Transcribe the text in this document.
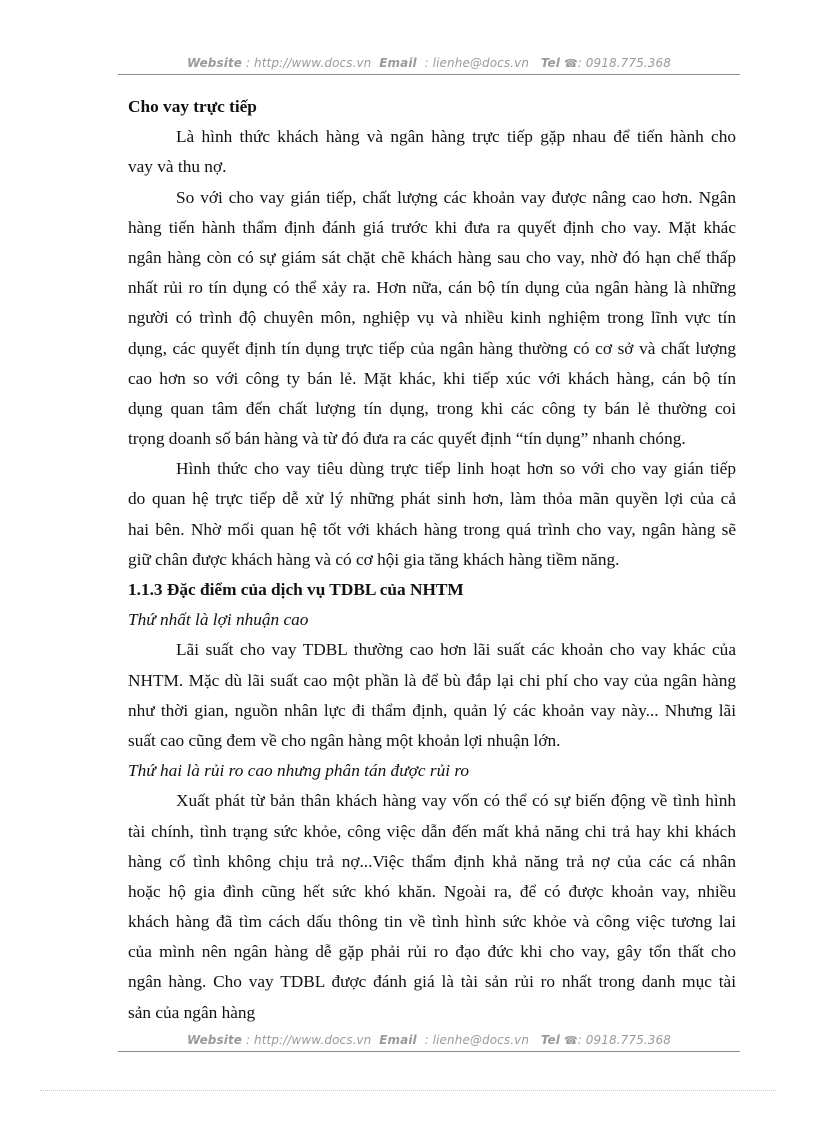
Website : http://www.docs.vn Email : lienhe@docs.vn Tel ☎: 0918.775.368
Cho vay trực tiếp
Là hình thức khách hàng và ngân hàng trực tiếp gặp nhau để tiến hành cho
vay và thu nợ.
So với cho vay gián tiếp, chất lượng các khoản vay được nâng cao hơn. Ngân
hàng tiến hành thẩm định đánh giá trước khi đưa ra quyết định cho vay. Mặt khác
ngân hàng còn có sự giám sát chặt chẽ khách hàng sau cho vay, nhờ đó hạn chế thấp
nhất rủi ro tín dụng có thể xảy ra. Hơn nữa, cán bộ tín dụng của ngân hàng là những
người có trình độ chuyên môn, nghiệp vụ và nhiều kinh nghiệm trong lĩnh vực tín
dụng, các quyết định tín dụng trực tiếp của ngân hàng thường có cơ sở và chất lượng
cao hơn so với công ty bán lẻ. Mặt khác, khi tiếp xúc với khách hàng, cán bộ tín
dụng quan tâm đến chất lượng tín dụng, trong khi các công ty bán lẻ thường coi
trọng doanh số bán hàng và từ đó đưa ra các quyết định “tín dụng” nhanh chóng.
Hình thức cho vay tiêu dùng trực tiếp linh hoạt hơn so với cho vay gián tiếp
do quan hệ trực tiếp dễ xử lý những phát sinh hơn, làm thỏa mãn quyền lợi của cả
hai bên. Nhờ mối quan hệ tốt với khách hàng trong quá trình cho vay, ngân hàng sẽ
giữ chân được khách hàng và có cơ hội gia tăng khách hàng tiềm năng.
1.1.3 Đặc điểm của dịch vụ TDBL của NHTM
Thứ nhất là lợi nhuận cao
Lãi suất cho vay TDBL thường cao hơn lãi suất các khoản cho vay khác của
NHTM. Mặc dù lãi suất cao một phần là để bù đắp lại chi phí cho vay của ngân hàng
như thời gian, nguồn nhân lực đi thẩm định, quản lý các khoản vay này... Nhưng lãi
suất cao cũng đem về cho ngân hàng một khoản lợi nhuận lớn.
Thứ hai là rủi ro cao nhưng phân tán được rủi ro
Xuất phát từ bản thân khách hàng vay vốn có thể có sự biến động về tình hình
tài chính, tình trạng sức khỏe, công việc dẫn đến mất khả năng chi trả hay khi khách
hàng cố tình không chịu trả nợ...Việc thẩm định khả năng trả nợ của các cá nhân
hoặc hộ gia đình cũng hết sức khó khăn. Ngoài ra, để có được khoản vay, nhiều
khách hàng đã tìm cách dấu thông tin về tình hình sức khỏe và công việc tương lai
của mình nên ngân hàng dễ gặp phải rủi ro đạo đức khi cho vay, gây tổn thất cho
ngân hàng. Cho vay TDBL được đánh giá là tài sản rủi ro nhất trong danh mục tài
sản của ngân hàng
Website : http://www.docs.vn Email : lienhe@docs.vn Tel ☎: 0918.775.368
